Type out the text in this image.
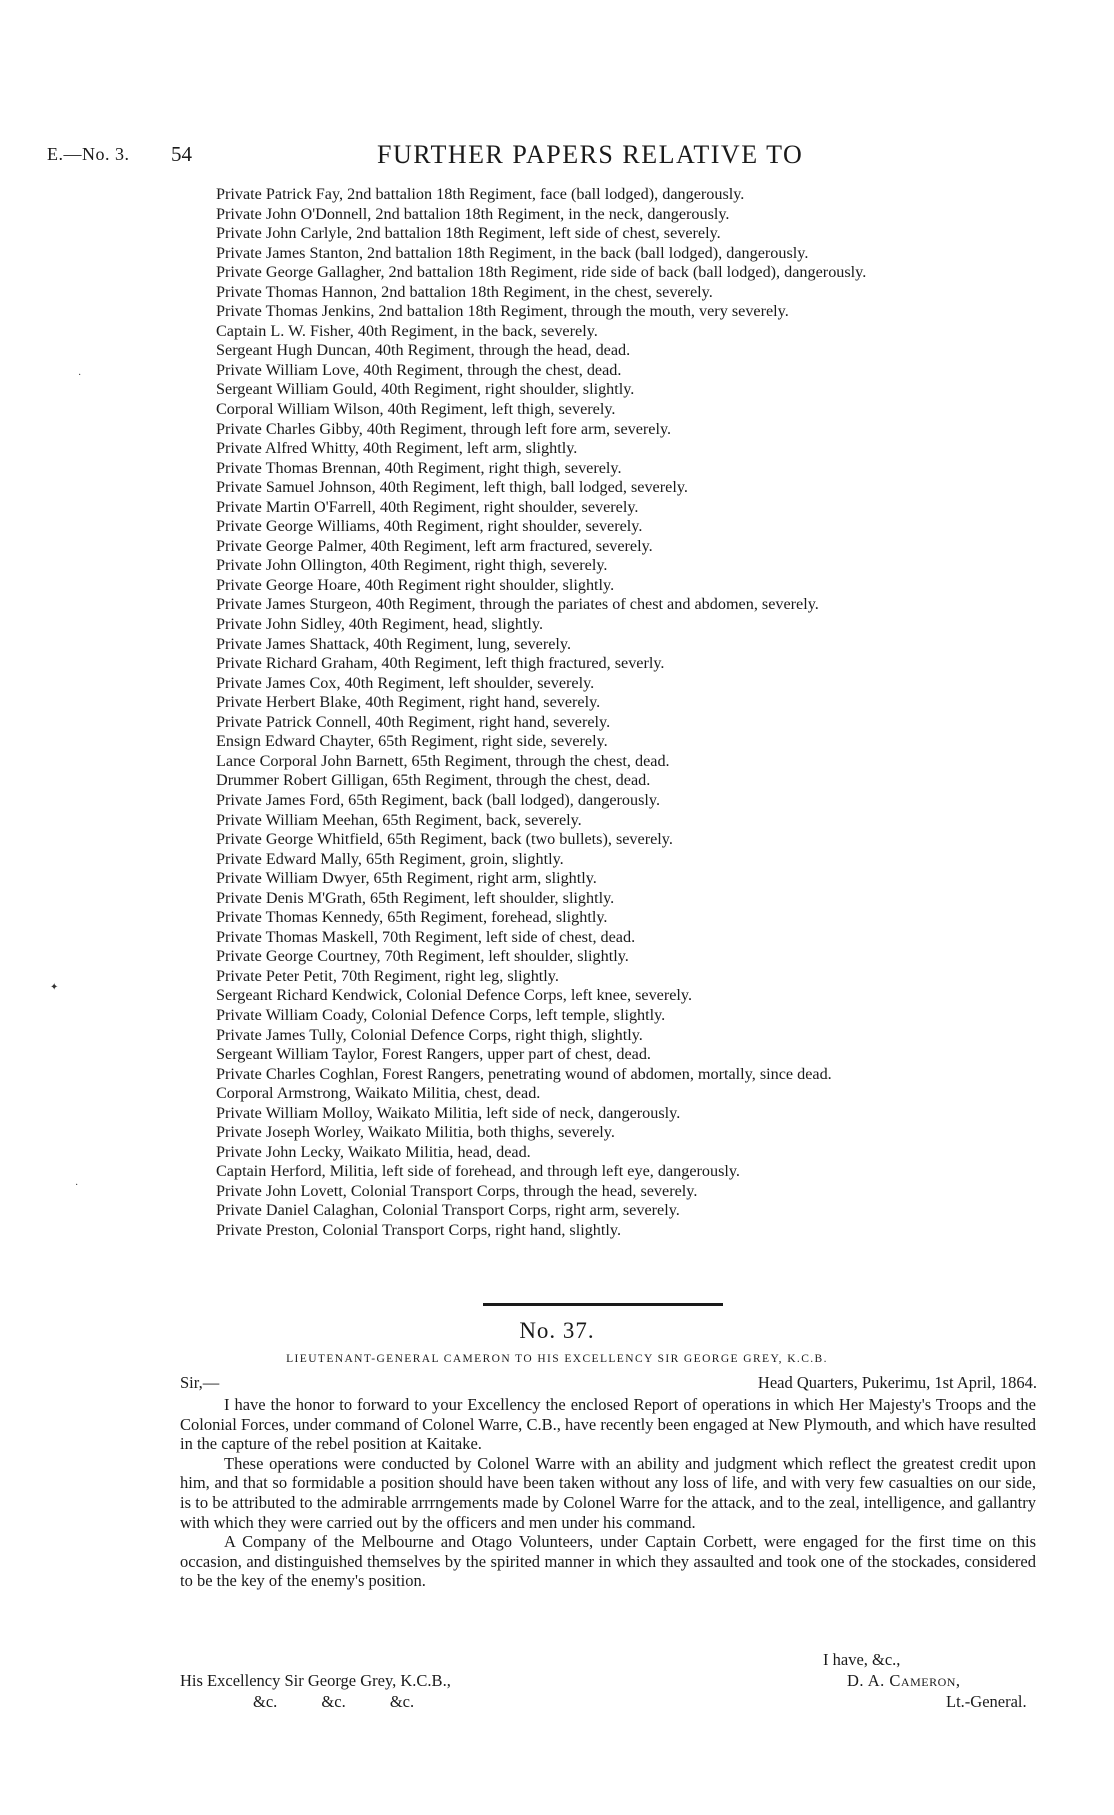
E.—No. 3. 54	FURTHER PAPERS RELATIVE TO
Private Patrick Fay, 2nd battalion 18th Regiment, face (ball lodged), dangerously.
Private John O'Donnell, 2nd battalion 18th Regiment, in the neck, dangerously.
Private John Carlyle, 2nd battalion 18th Regiment, left side of chest, severely.
Private James Stanton, 2nd battalion 18th Regiment, in the back (ball lodged), dangerously.
Private George Gallagher, 2nd battalion 18th Regiment, ride side of back (ball lodged), dangerously.
Private Thomas Hannon, 2nd battalion 18th Regiment, in the chest, severely.
Private Thomas Jenkins, 2nd battalion 18th Regiment, through the mouth, very severely.
Captain L. W. Fisher, 40th Regiment, in the back, severely.
Sergeant Hugh Duncan, 40th Regiment, through the head, dead.
Private William Love, 40th Regiment, through the chest, dead.
Sergeant William Gould, 40th Regiment, right shoulder, slightly.
Corporal William Wilson, 40th Regiment, left thigh, severely.
Private Charles Gibby, 40th Regiment, through left fore arm, severely.
Private Alfred Whitty, 40th Regiment, left arm, slightly.
Private Thomas Brennan, 40th Regiment, right thigh, severely.
Private Samuel Johnson, 40th Regiment, left thigh, ball lodged, severely.
Private Martin O'Farrell, 40th Regiment, right shoulder, severely.
Private George Williams, 40th Regiment, right shoulder, severely.
Private George Palmer, 40th Regiment, left arm fractured, severely.
Private John Ollington, 40th Regiment, right thigh, severely.
Private George Hoare, 40th Regiment right shoulder, slightly.
Private James Sturgeon, 40th Regiment, through the pariates of chest and abdomen, severely.
Private John Sidley, 40th Regiment, head, slightly.
Private James Shattack, 40th Regiment, lung, severely.
Private Richard Graham, 40th Regiment, left thigh fractured, severly.
Private James Cox, 40th Regiment, left shoulder, severely.
Private Herbert Blake, 40th Regiment, right hand, severely.
Private Patrick Connell, 40th Regiment, right hand, severely.
Ensign Edward Chayter, 65th Regiment, right side, severely.
Lance Corporal John Barnett, 65th Regiment, through the chest, dead.
Drummer Robert Gilligan, 65th Regiment, through the chest, dead.
Private James Ford, 65th Regiment, back (ball lodged), dangerously.
Private William Meehan, 65th Regiment, back, severely.
Private George Whitfield, 65th Regiment, back (two bullets), severely.
Private Edward Mally, 65th Regiment, groin, slightly.
Private William Dwyer, 65th Regiment, right arm, slightly.
Private Denis M'Grath, 65th Regiment, left shoulder, slightly.
Private Thomas Kennedy, 65th Regiment, forehead, slightly.
Private Thomas Maskell, 70th Regiment, left side of chest, dead.
Private George Courtney, 70th Regiment, left shoulder, slightly.
Private Peter Petit, 70th Regiment, right leg, slightly.
Sergeant Richard Kendwick, Colonial Defence Corps, left knee, severely.
Private William Coady, Colonial Defence Corps, left temple, slightly.
Private James Tully, Colonial Defence Corps, right thigh, slightly.
Sergeant William Taylor, Forest Rangers, upper part of chest, dead.
Private Charles Coghlan, Forest Rangers, penetrating wound of abdomen, mortally, since dead.
Corporal Armstrong, Waikato Militia, chest, dead.
Private William Molloy, Waikato Militia, left side of neck, dangerously.
Private Joseph Worley, Waikato Militia, both thighs, severely.
Private John Lecky, Waikato Militia, head, dead.
Captain Herford, Militia, left side of forehead, and through left eye, dangerously.
Private John Lovett, Colonial Transport Corps, through the head, severely.
Private Daniel Calaghan, Colonial Transport Corps, right arm, severely.
Private Preston, Colonial Transport Corps, right hand, slightly.
No. 37.
LIEUTENANT-GENERAL CAMERON TO HIS EXCELLENCY SIR GEORGE GREY, K.C.B.
Sir,—	Head Quarters, Pukerimu, 1st April, 1864.

I have the honor to forward to your Excellency the enclosed Report of operations in which Her Majesty's Troops and the Colonial Forces, under command of Colonel Warre, C.B., have recently been engaged at New Plymouth, and which have resulted in the capture of the rebel position at Kaitake.

These operations were conducted by Colonel Warre with an ability and judgment which reflect the greatest credit upon him, and that so formidable a position should have been taken without any loss of life, and with very few casualties on our side, is to be attributed to the admirable arrrngements made by Colonel Warre for the attack, and to the zeal, intelligence, and gallantry with which they were carried out by the officers and men under his command.

A Company of the Melbourne and Otago Volunteers, under Captain Corbett, were engaged for the first time on this occasion, and distinguished themselves by the spirited manner in which they assaulted and took one of the stockades, considered to be the key of the enemy's position.

I have, &c.,
His Excellency Sir George Grey, K.C.B.,	D. A. Cameron,
&c. &c. &c.	Lt.-General.
·
✦
·
